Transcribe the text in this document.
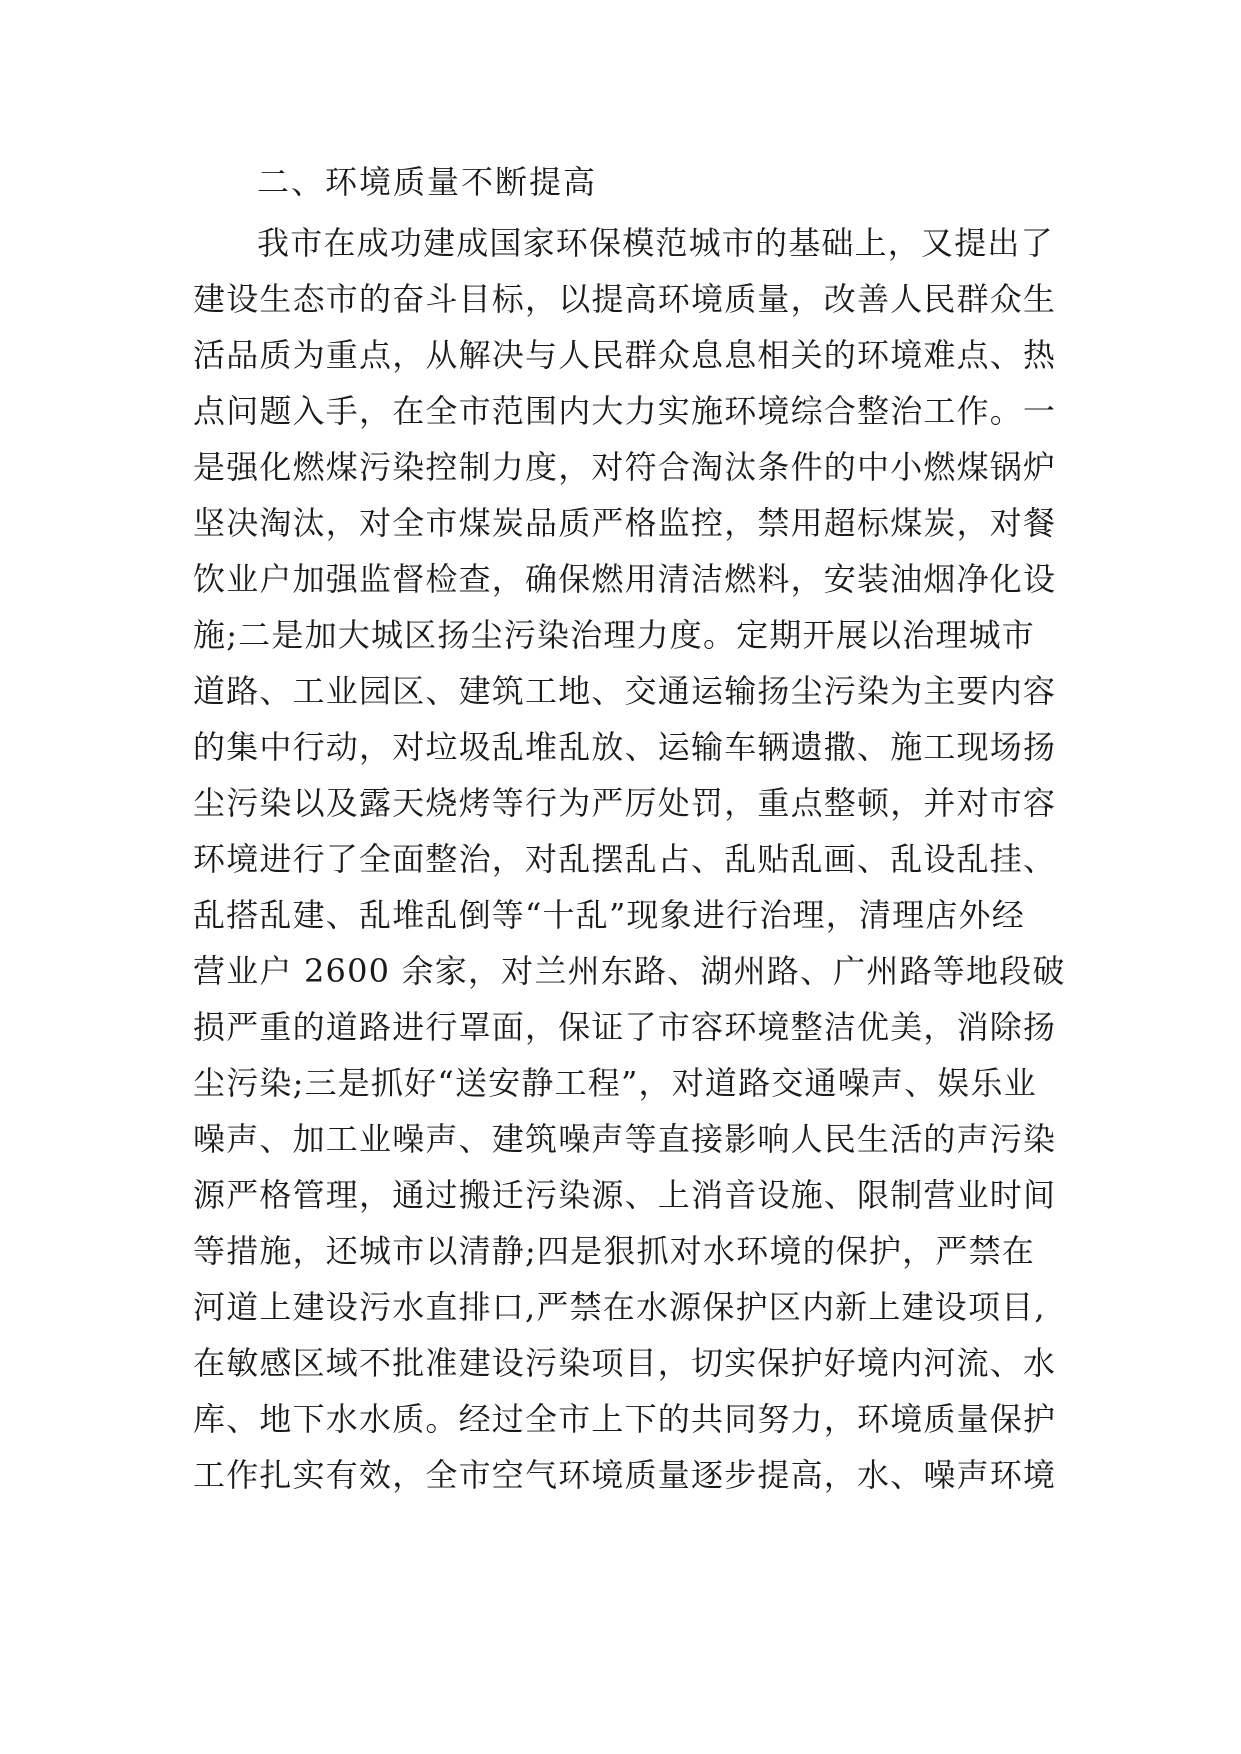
二、环境质量不断提高
我市在成功建成国家环保模范城市的基础上，又提出了
建设生态市的奋斗目标，以提高环境质量，改善人民群众生
活品质为重点，从解决与人民群众息息相关的环境难点、热
点问题入手，在全市范围内大力实施环境综合整治工作。一
是强化燃煤污染控制力度，对符合淘汰条件的中小燃煤锅炉
坚决淘汰，对全市煤炭品质严格监控，禁用超标煤炭，对餐
饮业户加强监督检查，确保燃用清洁燃料，安装油烟净化设
施;二是加大城区扬尘污染治理力度。定期开展以治理城市
道路、工业园区、建筑工地、交通运输扬尘污染为主要内容
的集中行动，对垃圾乱堆乱放、运输车辆遗撒、施工现场扬
尘污染以及露天烧烤等行为严厉处罚，重点整顿，并对市容
环境进行了全面整治，对乱摆乱占、乱贴乱画、乱设乱挂、
乱搭乱建、乱堆乱倒等“十乱”现象进行治理，清理店外经
营业户 2600 余家，对兰州东路、湖州路、广州路等地段破
损严重的道路进行罩面，保证了市容环境整洁优美，消除扬
尘污染;三是抓好“送安静工程”，对道路交通噪声、娱乐业
噪声、加工业噪声、建筑噪声等直接影响人民生活的声污染
源严格管理，通过搬迁污染源、上消音设施、限制营业时间
等措施，还城市以清静;四是狠抓对水环境的保护，严禁在
河道上建设污水直排口,严禁在水源保护区内新上建设项目,
在敏感区域不批准建设污染项目，切实保护好境内河流、水
库、地下水水质。经过全市上下的共同努力，环境质量保护
工作扎实有效，全市空气环境质量逐步提高，水、噪声环境
